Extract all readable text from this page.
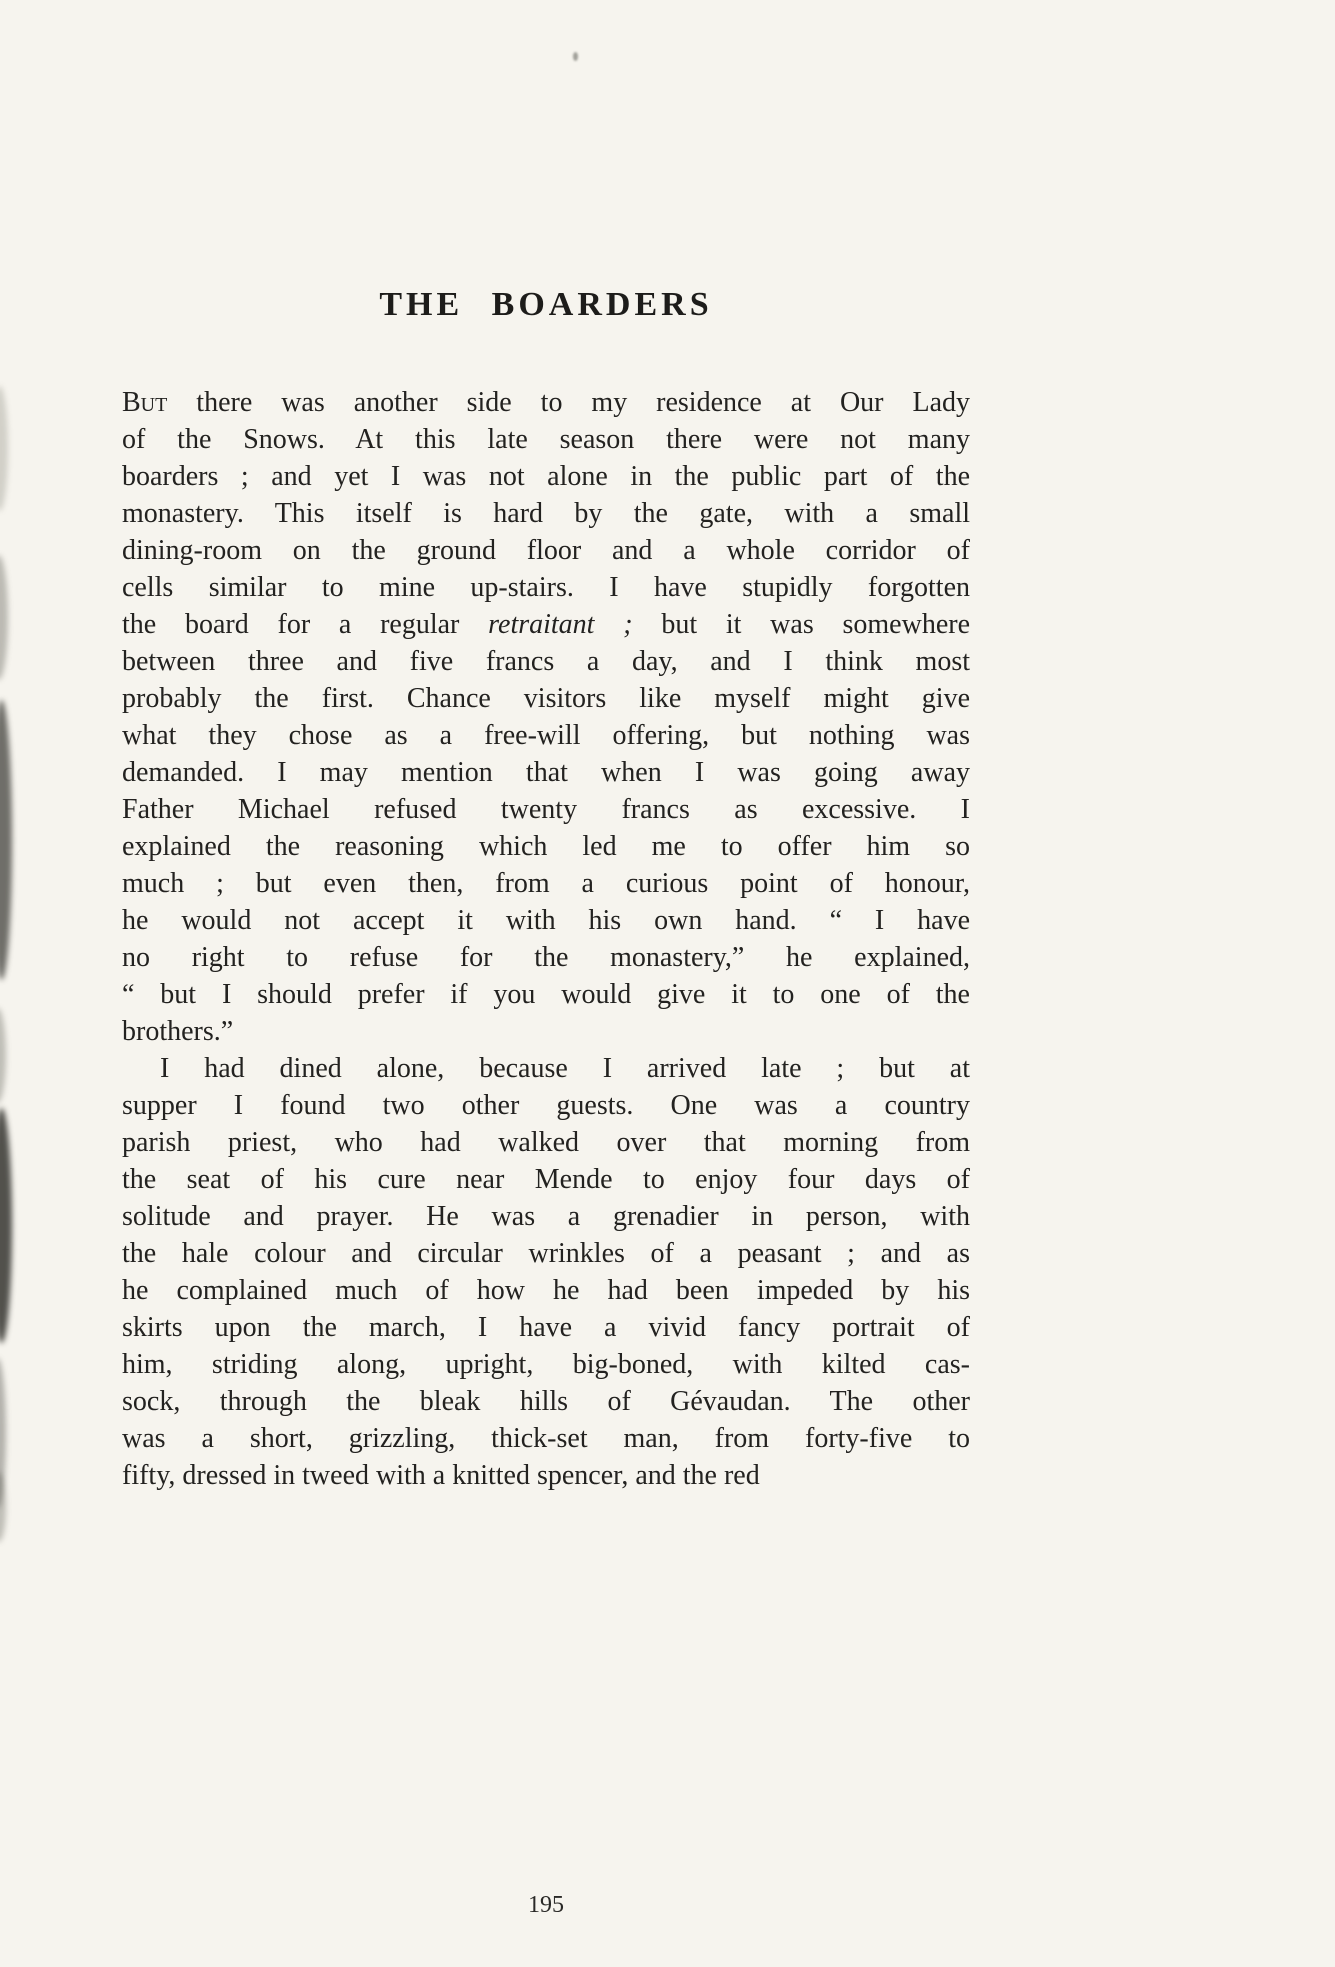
THE BOARDERS
But there was another side to my residence at Our Lady
of the Snows. At this late season there were not many
boarders ; and yet I was not alone in the public part of the
monastery. This itself is hard by the gate, with a small
dining-room on the ground floor and a whole corridor of
cells similar to mine up-stairs. I have stupidly forgotten
the board for a regular retraitant ; but it was somewhere
between three and five francs a day, and I think most
probably the first. Chance visitors like myself might give
what they chose as a free-will offering, but nothing was
demanded. I may mention that when I was going away
Father Michael refused twenty francs as excessive. I
explained the reasoning which led me to offer him so
much ; but even then, from a curious point of honour,
he would not accept it with his own hand. “ I have
no right to refuse for the monastery,” he explained,
“ but I should prefer if you would give it to one of the
brothers.”
I had dined alone, because I arrived late ; but at
supper I found two other guests. One was a country
parish priest, who had walked over that morning from
the seat of his cure near Mende to enjoy four days of
solitude and prayer. He was a grenadier in person, with
the hale colour and circular wrinkles of a peasant ; and as
he complained much of how he had been impeded by his
skirts upon the march, I have a vivid fancy portrait of
him, striding along, upright, big-boned, with kilted cas-
sock, through the bleak hills of Gévaudan. The other
was a short, grizzling, thick-set man, from forty-five to
fifty, dressed in tweed with a knitted spencer, and the red
195
